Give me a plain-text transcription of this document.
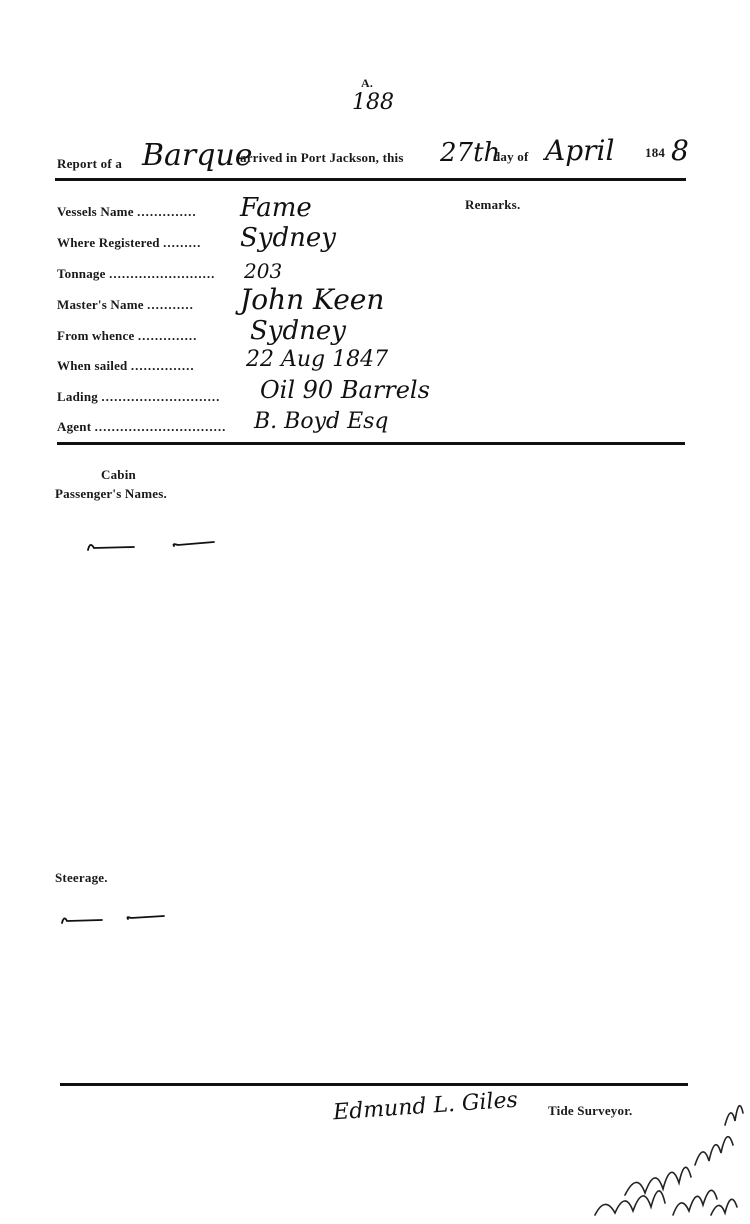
A.
188
Report of a Barque
arrived in Port Jackson, this 27th
day of April 184 8
Remarks.
Vessels Name .............. Fame
Where Registered ......... Sydney
Tonnage ......................... 203
Master's Name ........... John Keen
From whence .............. Sydney
When sailed ............... 22 Aug 1847
Lading ............................ Oil 90 Barrels
Agent ............................... B. Boyd Esq
Cabin
Passenger's Names.
Steerage.
Edmund L. Giles Tide Surveyor.
